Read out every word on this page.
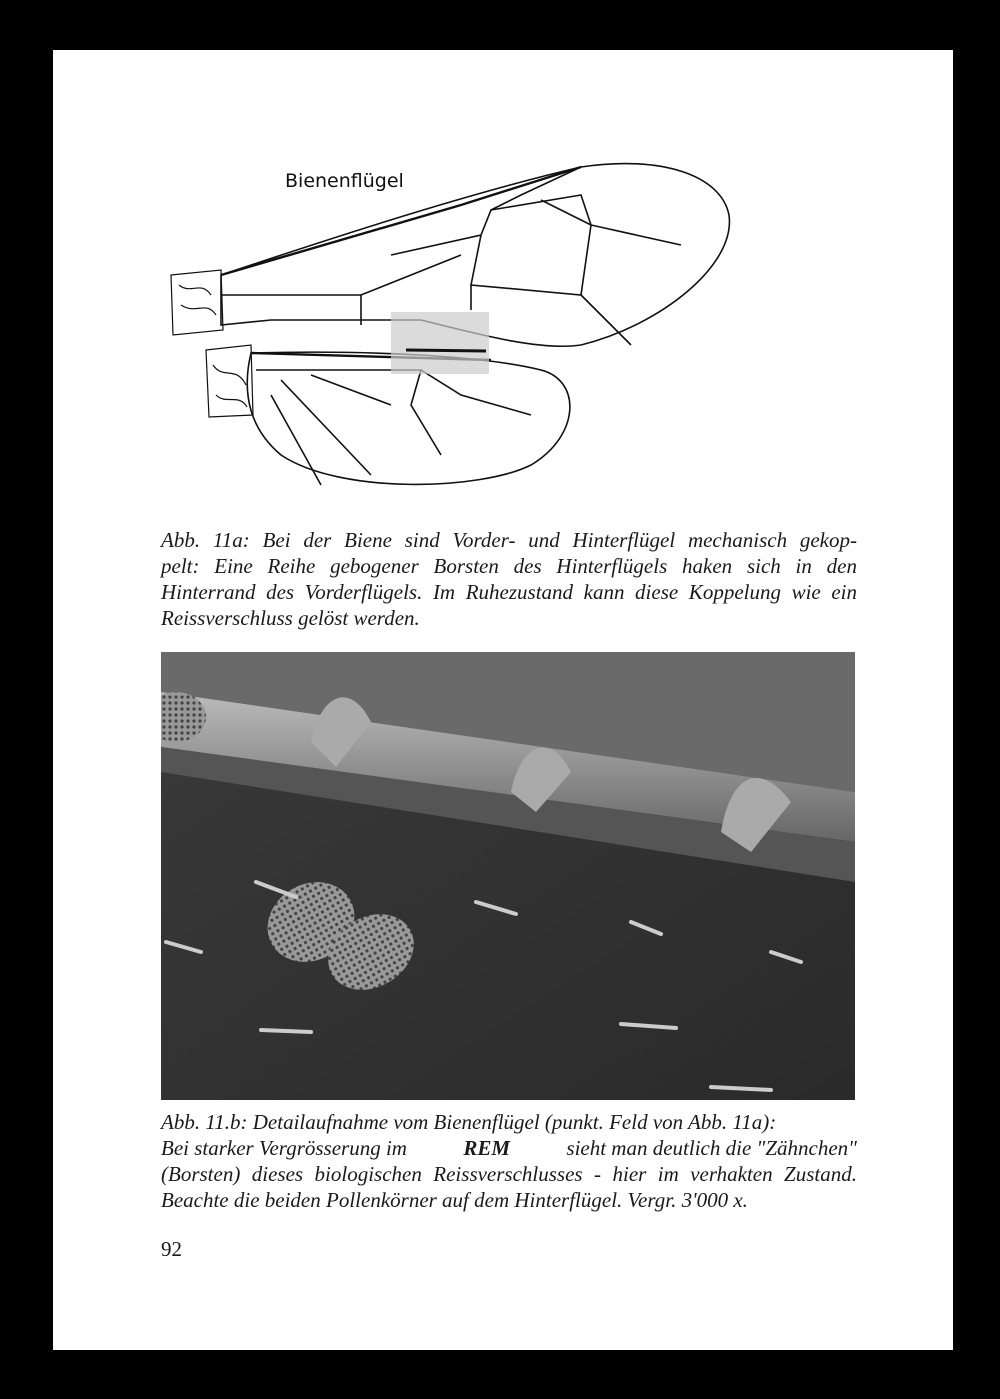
Bienenflügel
Abb. 11a: Bei der Biene sind Vorder- und Hinterflügel mechanisch gekop-
pelt: Eine Reihe gebogener Borsten des Hinterflügels haken sich in den
Hinterrand des Vorderflügels. Im Ruhezustand kann diese Koppelung wie ein
Reissverschluss gelöst werden.
Abb. 11.b: Detailaufnahme vom Bienenflügel (punkt. Feld von Abb. 11a):
Bei starker Vergrösserung im	REM	sieht man deutlich die "Zähnchen"
(Borsten) dieses biologischen Reissverschlusses - hier im verhakten Zustand.
Beachte die beiden Pollenkörner auf dem Hinterflügel. Vergr. 3'000 x.
92
